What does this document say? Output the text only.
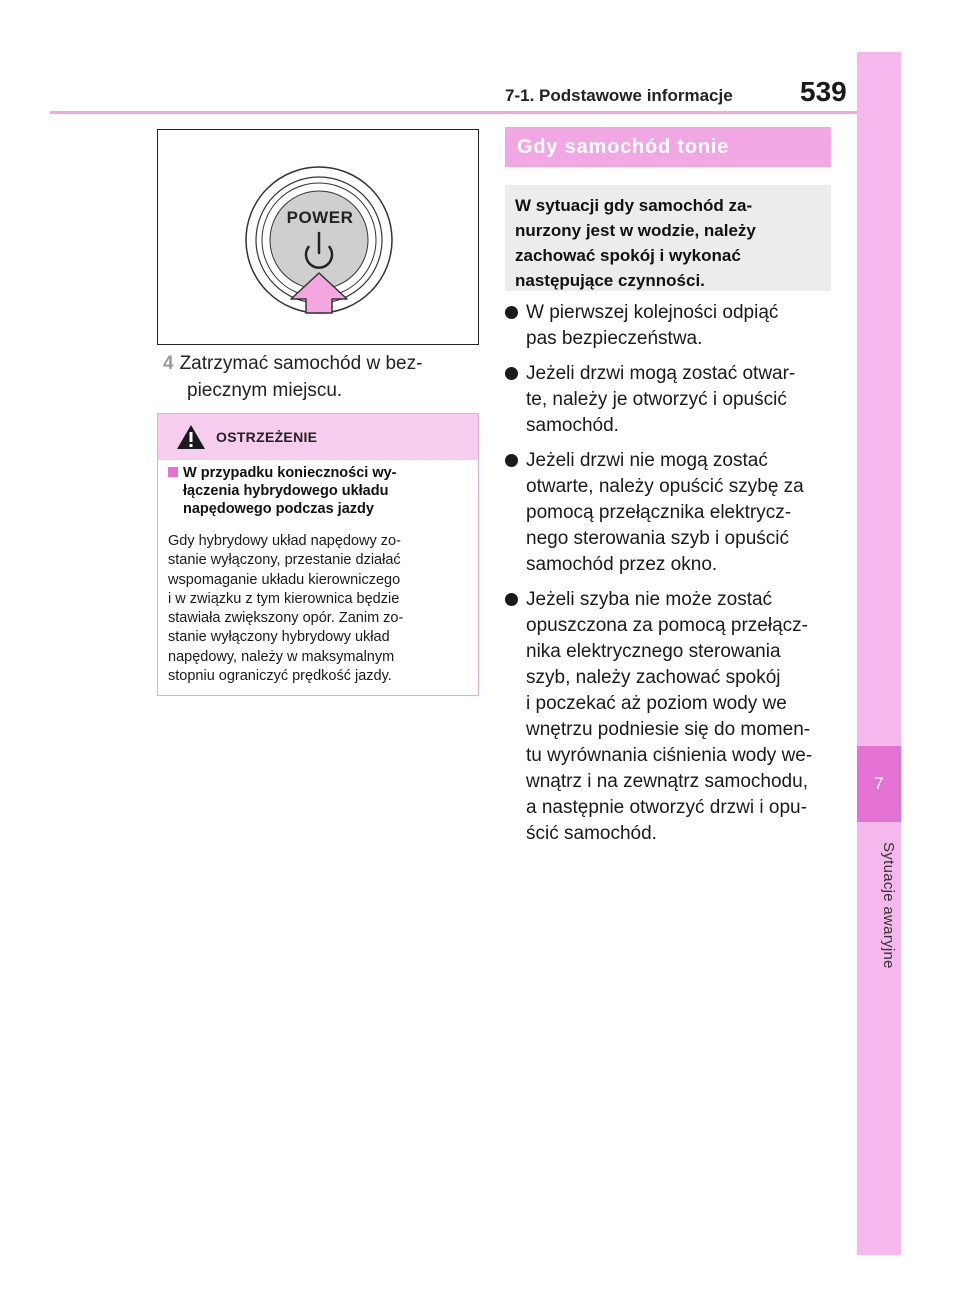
7
Sytuacje awaryjne
7-1. Podstawowe informacje 539
POWER
4 Zatrzymać samochód w bez-
piecznym miejscu.
OSTRZEŻENIE
W przypadku konieczności wy-
łączenia hybrydowego układu
napędowego podczas jazdy
Gdy hybrydowy układ napędowy zo-
stanie wyłączony, przestanie działać
wspomaganie układu kierowniczego
i w związku z tym kierownica będzie
stawiała zwiększony opór. Zanim zo-
stanie wyłączony hybrydowy układ
napędowy, należy w maksymalnym
stopniu ograniczyć prędkość jazdy.
Gdy samochód tonie
W sytuacji gdy samochód za-
nurzony jest w wodzie, należy
zachować spokój i wykonać
następujące czynności.
W pierwszej kolejności odpiąć
pas bezpieczeństwa.
Jeżeli drzwi mogą zostać otwar-
te, należy je otworzyć i opuścić
samochód.
Jeżeli drzwi nie mogą zostać
otwarte, należy opuścić szybę za
pomocą przełącznika elektrycz-
nego sterowania szyb i opuścić
samochód przez okno.
Jeżeli szyba nie może zostać
opuszczona za pomocą przełącz-
nika elektrycznego sterowania
szyb, należy zachować spokój
i poczekać aż poziom wody we
wnętrzu podniesie się do momen-
tu wyrównania ciśnienia wody we-
wnątrz i na zewnątrz samochodu,
a następnie otworzyć drzwi i opu-
ścić samochód.
